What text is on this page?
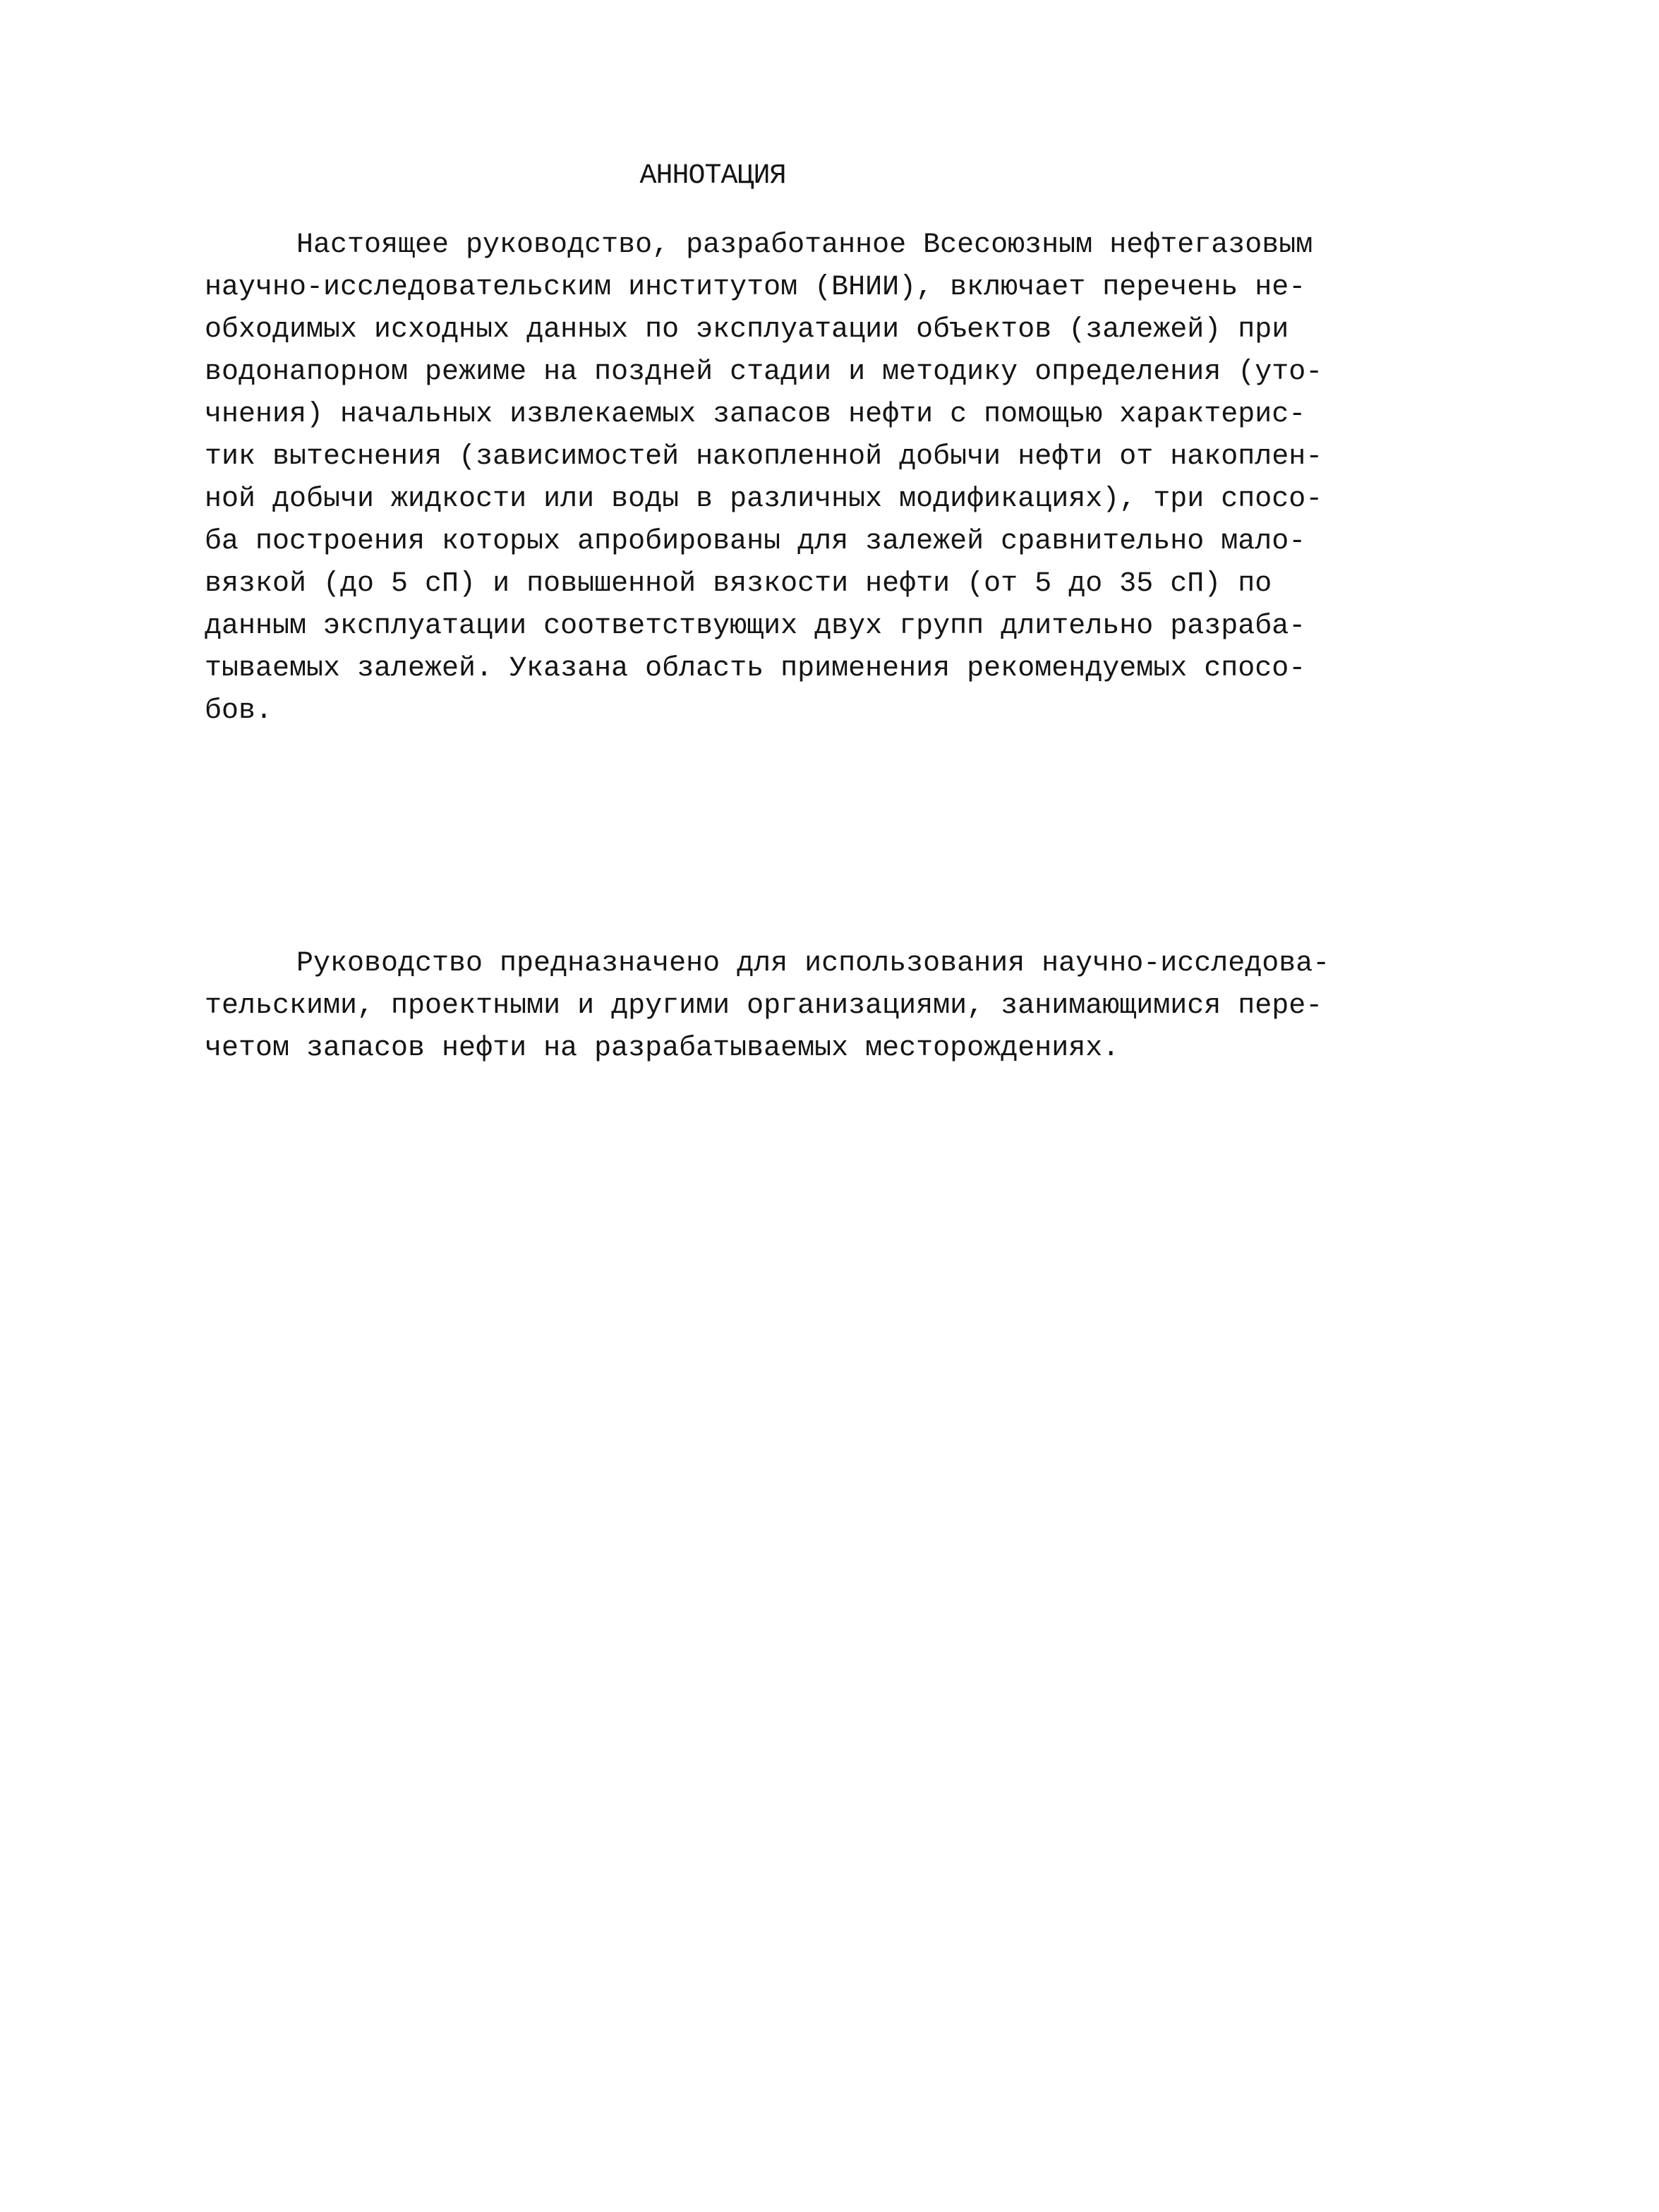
АННОТАЦИЯ
Настоящее руководство, разработанное Всесоюзным нефтегазовым
научно-исследовательским институтом (ВНИИ), включает перечень не-
обходимых исходных данных по эксплуатации объектов (залежей) при
водонапорном режиме на поздней стадии и методику определения (уто-
чнения) начальных извлекаемых запасов нефти с помощью характерис-
тик вытеснения (зависимостей накопленной добычи нефти от накоплен-
ной добычи жидкости или воды в различных модификациях), три спосо-
ба построения которых апробированы для залежей сравнительно мало-
вязкой (до 5 сП) и повышенной вязкости нефти (от 5 до 35 сП) по
данным эксплуатации соответствующих двух групп длительно разраба-
тываемых залежей. Указана область применения рекомендуемых спосо-
бов.
Руководство предназначено для использования научно-исследова-
тельскими, проектными и другими организациями, занимающимися пере-
четом запасов нефти на разрабатываемых месторождениях.
